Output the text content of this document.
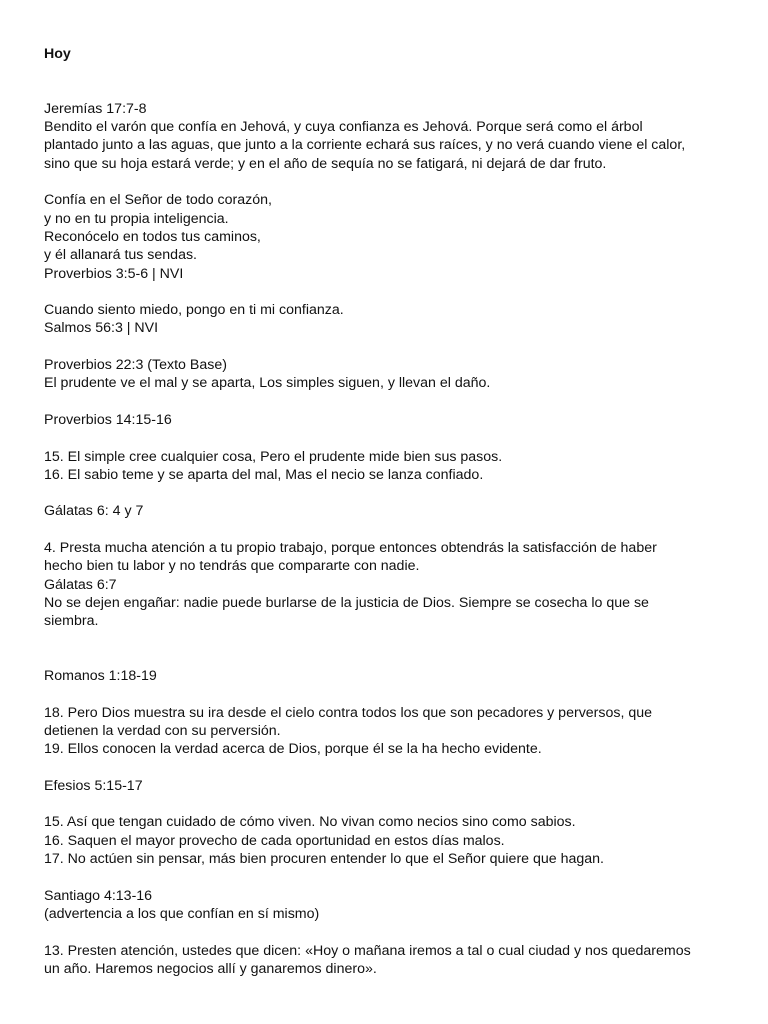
Hoy
Jeremías 17:7-8
Bendito el varón que confía en Jehová, y cuya confianza es Jehová. Porque será como el árbol
plantado junto a las aguas, que junto a la corriente echará sus raíces, y no verá cuando viene el calor,
sino que su hoja estará verde; y en el año de sequía no se fatigará, ni dejará de dar fruto.
Confía en el Señor de todo corazón,
y no en tu propia inteligencia.
Reconócelo en todos tus caminos,
y él allanará tus sendas.
Proverbios 3:5-6 | NVI
Cuando siento miedo, pongo en ti mi confianza.
Salmos 56:3 | NVI
Proverbios 22:3 (Texto Base)
El prudente ve el mal y se aparta, Los simples siguen, y llevan el daño.
Proverbios 14:15-16
15. El simple cree cualquier cosa, Pero el prudente mide bien sus pasos.
16. El sabio teme y se aparta del mal, Mas el necio se lanza confiado.
Gálatas 6: 4 y 7
4. Presta mucha atención a tu propio trabajo, porque entonces obtendrás la satisfacción de haber
hecho bien tu labor y no tendrás que compararte con nadie.
Gálatas 6:7
No se dejen engañar: nadie puede burlarse de la justicia de Dios. Siempre se cosecha lo que se
siembra.
Romanos 1:18-19
18. Pero Dios muestra su ira desde el cielo contra todos los que son pecadores y perversos, que
detienen la verdad con su perversión.
19. Ellos conocen la verdad acerca de Dios, porque él se la ha hecho evidente.
Efesios 5:15-17
15. Así que tengan cuidado de cómo viven. No vivan como necios sino como sabios.
16. Saquen el mayor provecho de cada oportunidad en estos días malos.
17. No actúen sin pensar, más bien procuren entender lo que el Señor quiere que hagan.
Santiago 4:13-16
(advertencia a los que confían en sí mismo)
13. Presten atención, ustedes que dicen: «Hoy o mañana iremos a tal o cual ciudad y nos quedaremos
un año. Haremos negocios allí y ganaremos dinero».
